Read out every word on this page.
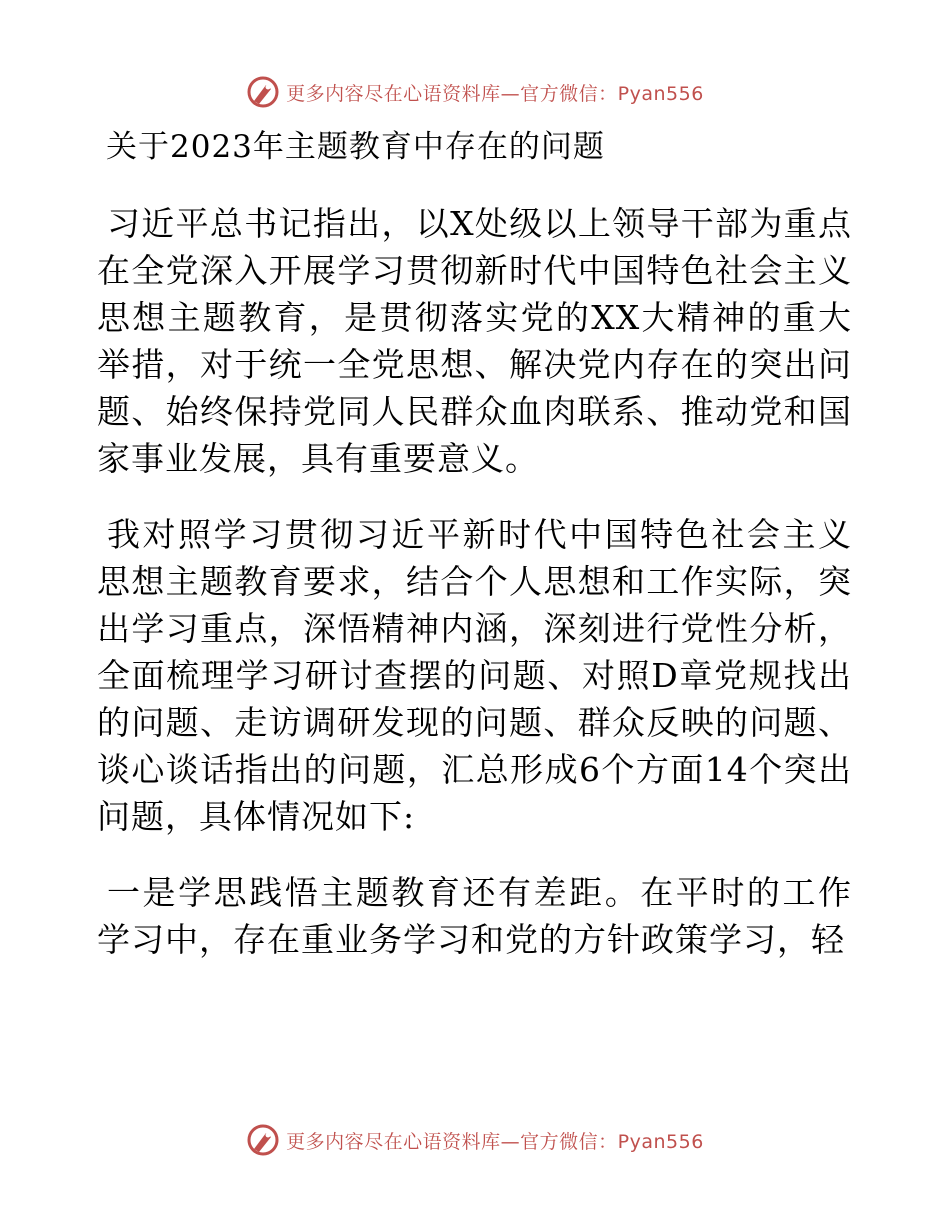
更多内容尽在心语资料库—官方微信：Pyan556
关于2023年主题教育中存在的问题

习近平总书记指出，以X处级以上领导干部为重点在全党深入开展学习贯彻新时代中国特色社会主义思想主题教育，是贯彻落实党的XX大精神的重大举措，对于统一全党思想、解决党内存在的突出问题、始终保持党同人民群众血肉联系、推动党和国家事业发展，具有重要意义。

我对照学习贯彻习近平新时代中国特色社会主义思想主题教育要求，结合个人思想和工作实际，突出学习重点，深悟精神内涵，深刻进行党性分析，全面梳理学习研讨查摆的问题、对照D章党规找出的问题、走访调研发现的问题、群众反映的问题、谈心谈话指出的问题，汇总形成6个方面14个突出问题，具体情况如下:

一是学思践悟主题教育还有差距。在平时的工作学习中，存在重业务学习和党的方针政策学习，轻

更多内容尽在心语资料库—官方微信：Pyan556
